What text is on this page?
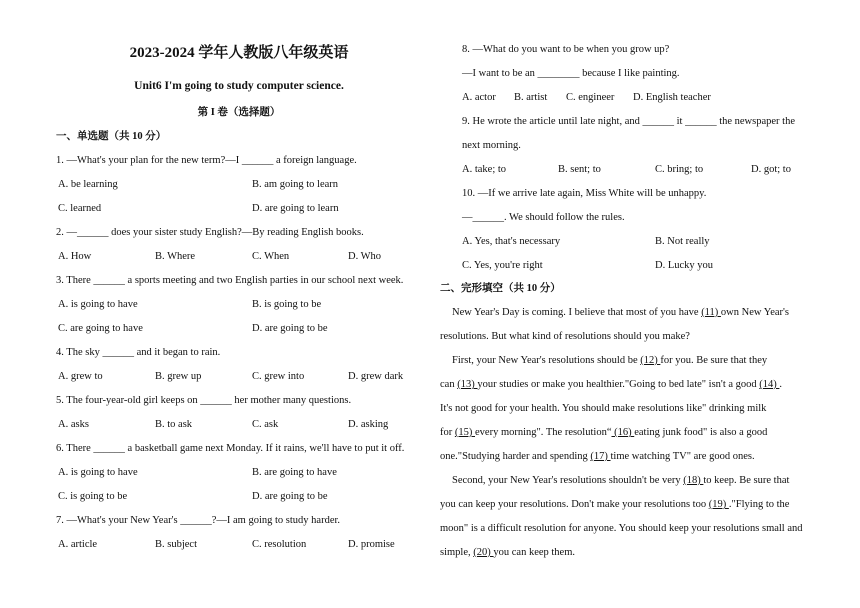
2023-2024 学年人教版八年级英语
Unit6 I'm going to study computer science.
第 I 卷（选择题）
一、单选题（共 10 分）
1. —What's your plan for the new term?—I ______ a foreign language.
A. be learning	B. am going to learn
C. learned	D. are going to learn
2. —______ does your sister study English?—By reading English books.
A. How	B. Where	C. When	D. Who
3. There ______ a sports meeting and two English parties in our school next week.
A. is going to have	B. is going to be
C. are going to have	D. are going to be
4. The sky ______ and it began to rain.
A. grew to	B. grew up	C. grew into	D. grew dark
5. The four-year-old girl keeps on ______ her mother many questions.
A. asks	B. to ask	C. ask	D. asking
6. There ______ a basketball game next Monday. If it rains, we'll have to put it off.
A. is going to have	B. are going to have
C. is going to be	D. are going to be
7. —What's your New Year's ______?—I am going to study harder.
A. article	B. subject	C. resolution	D. promise
8. —What do you want to be when you grow up?
—I want to be an ________ because I like painting.
A. actor B. artist C. engineer D. English teacher
9. He wrote the article until late night, and ______ it ______ the newspaper the
next morning.
A. take; to	B. sent; to	C. bring; to	D. got; to
10. —If we arrive late again, Miss White will be unhappy.
—______. We should follow the rules.
A. Yes, that's necessary	B. Not really
C. Yes, you're right	D. Lucky you
二、完形填空（共 10 分）
New Year's Day is coming. I believe that most of you have (11) own New Year's
resolutions. But what kind of resolutions should you make?
First, your New Year's resolutions should be (12) for you. Be sure that they
can (13) your studies or make you healthier."Going to bed late" isn't a good (14) .
It's not good for your health. You should make resolutions like" drinking milk
for (15) every morning". The resolution“ (16) eating junk food" is also a good
one."Studying harder and spending (17) time watching TV" are good ones.
Second, your New Year's resolutions shouldn't be very (18) to keep. Be sure that
you can keep your resolutions. Don't make your resolutions too (19) ."Flying to the
moon" is a difficult resolution for anyone. You should keep your resolutions small and
simple, (20) you can keep them.
